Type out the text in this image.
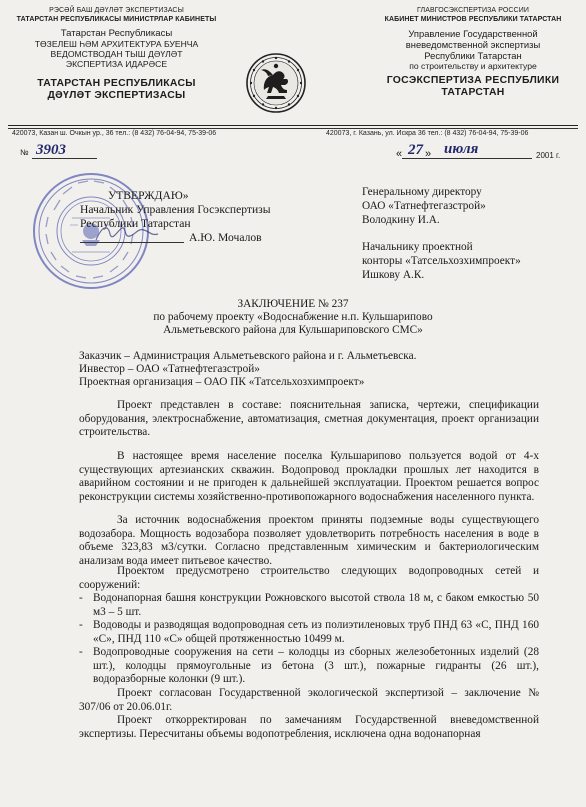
РЭСӘЙ БАШ ДӘҮЛӘТ ЭКСПЕРТИЗАСЫ
ТАТАРСТАН РЕСПУБЛИКАСЫ МИНИСТРЛАР КАБИНЕТЫ
Татарстан Республикасы
ТӨЗЕЛЕШ ҺӘМ АРХИТЕКТУРА БУЕНЧА
ВЕДОМСТВОДАН ТЫШ ДӘҮЛӘТ
ЭКСПЕРТИЗА ИДАРӘСЕ
ТАТАРСТАН РЕСПУБЛИКАСЫ
ДӘҮЛӘТ ЭКСПЕРТИЗАСЫ
ГЛАВГОСЭКСПЕРТИЗА РОССИИ
КАБИНЕТ МИНИСТРОВ РЕСПУБЛИКИ ТАТАРСТАН
Управление Государственной
вневедомственной экспертизы
Республики Татарстан
по строительству и архитектуре
ГОСЭКСПЕРТИЗА РЕСПУБЛИКИ
ТАТАРСТАН
420073, Казан ш. Очкын ур., 36 тел.: (8 432) 76-04-94, 75-39-06	420073, г. Казань, ул. Искра 36 тел.: (8 432) 76-04-94, 75-39-06
№ 3903	« 27 » июля	2001 г.
УТВЕРЖДАЮ»
Начальник Управления Госэкспертизы
Республики Татарстан
А.Ю. Мочалов
Генеральному директору
ОАО «Татнефтегазстрой»
Володкину И.А.
Начальнику проектной
конторы «Татсельхозхимпроект»
Ишкову А.К.
ЗАКЛЮЧЕНИЕ № 237
по рабочему проекту «Водоснабжение н.п. Кульшарипово
Альметьевского района для Кульшариповского СМС»
Заказчик – Администрация Альметьевского района и г. Альметьевска.
Инвестор – ОАО «Татнефтегазстрой»
Проектная организация – ОАО ПК «Татсельхозхимпроект»
Проект представлен в составе: пояснительная записка, чертежи, спецификации оборудования, электроснабжение, автоматизация, сметная документация, проект организации строительства.
В настоящее время население поселка Кульшарипово пользуется водой от 4-х существующих артезианских скважин. Водопровод прокладки прошлых лет находится в аварийном состоянии и не пригоден к дальнейшей эксплуатации. Проектом решается вопрос реконструкции системы хозяйственно-противопожарного водоснабжения населенного пункта.
За источник водоснабжения проектом приняты подземные воды существующего водозабора. Мощность водозабора позволяет удовлетворить потребность населения в воде в объеме 323,83 м3/сутки. Согласно представленным химическим и бактериологическим анализам вода имеет питьевое качество.
Проектом предусмотрено строительство следующих водопроводных сетей и сооружений:
- Водонапорная башня конструкции Рожновского высотой ствола 18 м, с баком емкостью 50 м3 – 5 шт.
- Водоводы и разводящая водопроводная сеть из полиэтиленовых труб ПНД 63 «С, ПНД 160 «С», ПНД 110 «С» общей протяженностью 10499 м.
- Водопроводные сооружения на сети – колодцы из сборных железобетонных изделий (28 шт.), колодцы прямоугольные из бетона (3 шт.), пожарные гидранты (26 шт.), водоразборные колонки (9 шт.).
Проект согласован Государственной экологической экспертизой – заключение № 307/06 от 20.06.01г.
Проект откорректирован по замечаниям Государственной вневедомственной экспертизы. Пересчитаны объемы водопотребления, исключена одна водонапорная
